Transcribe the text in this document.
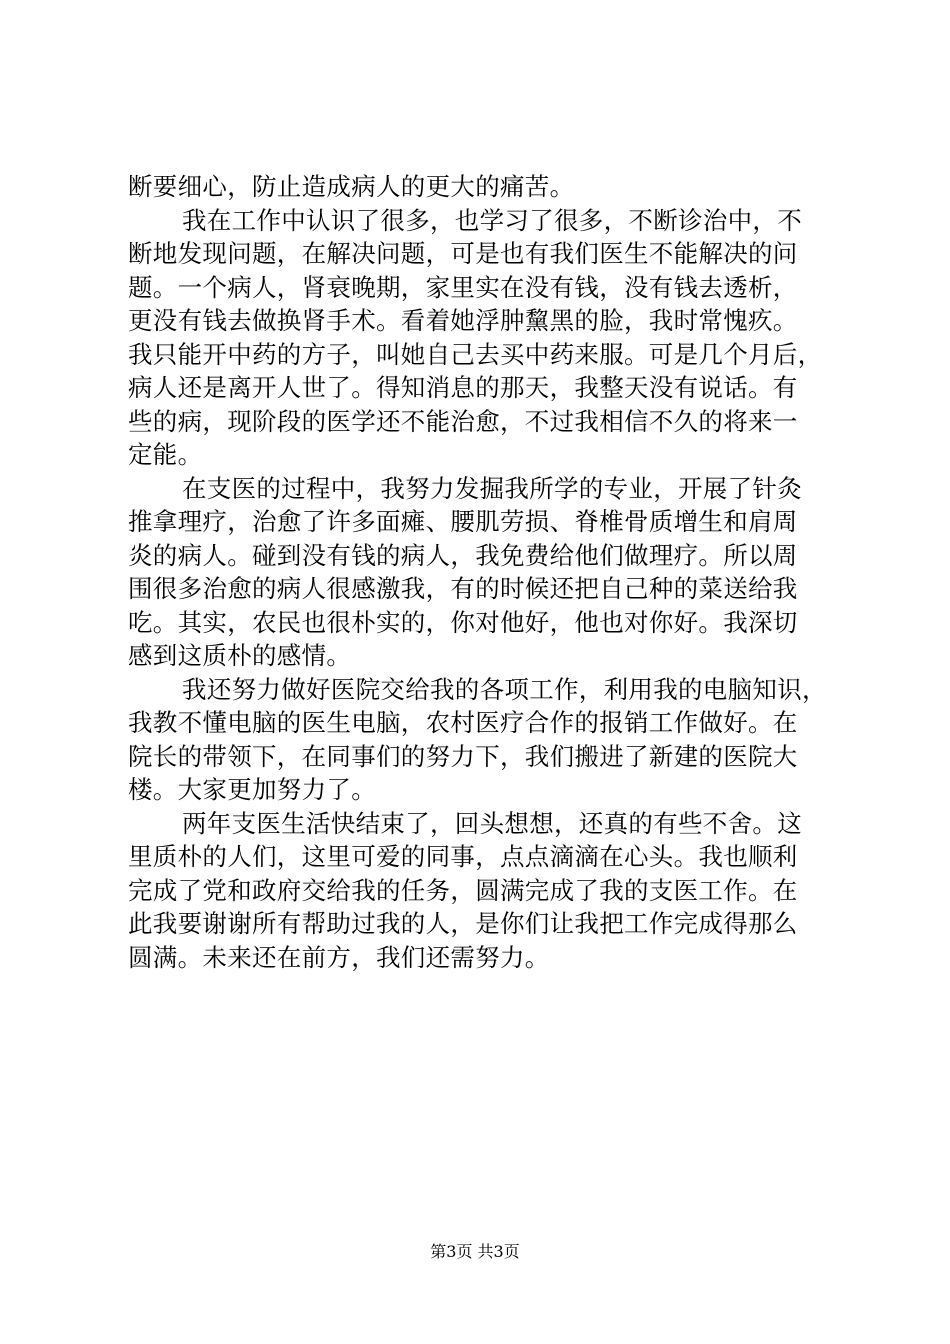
断要细心，防止造成病人的更大的痛苦。
我在工作中认识了很多，也学习了很多，不断诊治中，不
断地发现问题，在解决问题，可是也有我们医生不能解决的问
题。一个病人，肾衰晚期，家里实在没有钱，没有钱去透析，
更没有钱去做换肾手术。看着她浮肿黧黑的脸，我时常愧疚。
我只能开中药的方子，叫她自己去买中药来服。可是几个月后，
病人还是离开人世了。得知消息的那天，我整天没有说话。有
些的病，现阶段的医学还不能治愈，不过我相信不久的将来一
定能。
在支医的过程中，我努力发掘我所学的专业，开展了针灸
推拿理疗，治愈了许多面瘫、腰肌劳损、脊椎骨质增生和肩周
炎的病人。碰到没有钱的病人，我免费给他们做理疗。所以周
围很多治愈的病人很感激我，有的时候还把自己种的菜送给我
吃。其实，农民也很朴实的，你对他好，他也对你好。我深切
感到这质朴的感情。
我还努力做好医院交给我的各项工作，利用我的电脑知识，
我教不懂电脑的医生电脑，农村医疗合作的报销工作做好。在
院长的带领下，在同事们的努力下，我们搬进了新建的医院大
楼。大家更加努力了。
两年支医生活快结束了，回头想想，还真的有些不舍。这
里质朴的人们，这里可爱的同事，点点滴滴在心头。我也顺利
完成了党和政府交给我的任务，圆满完成了我的支医工作。在
此我要谢谢所有帮助过我的人，是你们让我把工作完成得那么
圆满。未来还在前方，我们还需努力。
第3页 共3页
